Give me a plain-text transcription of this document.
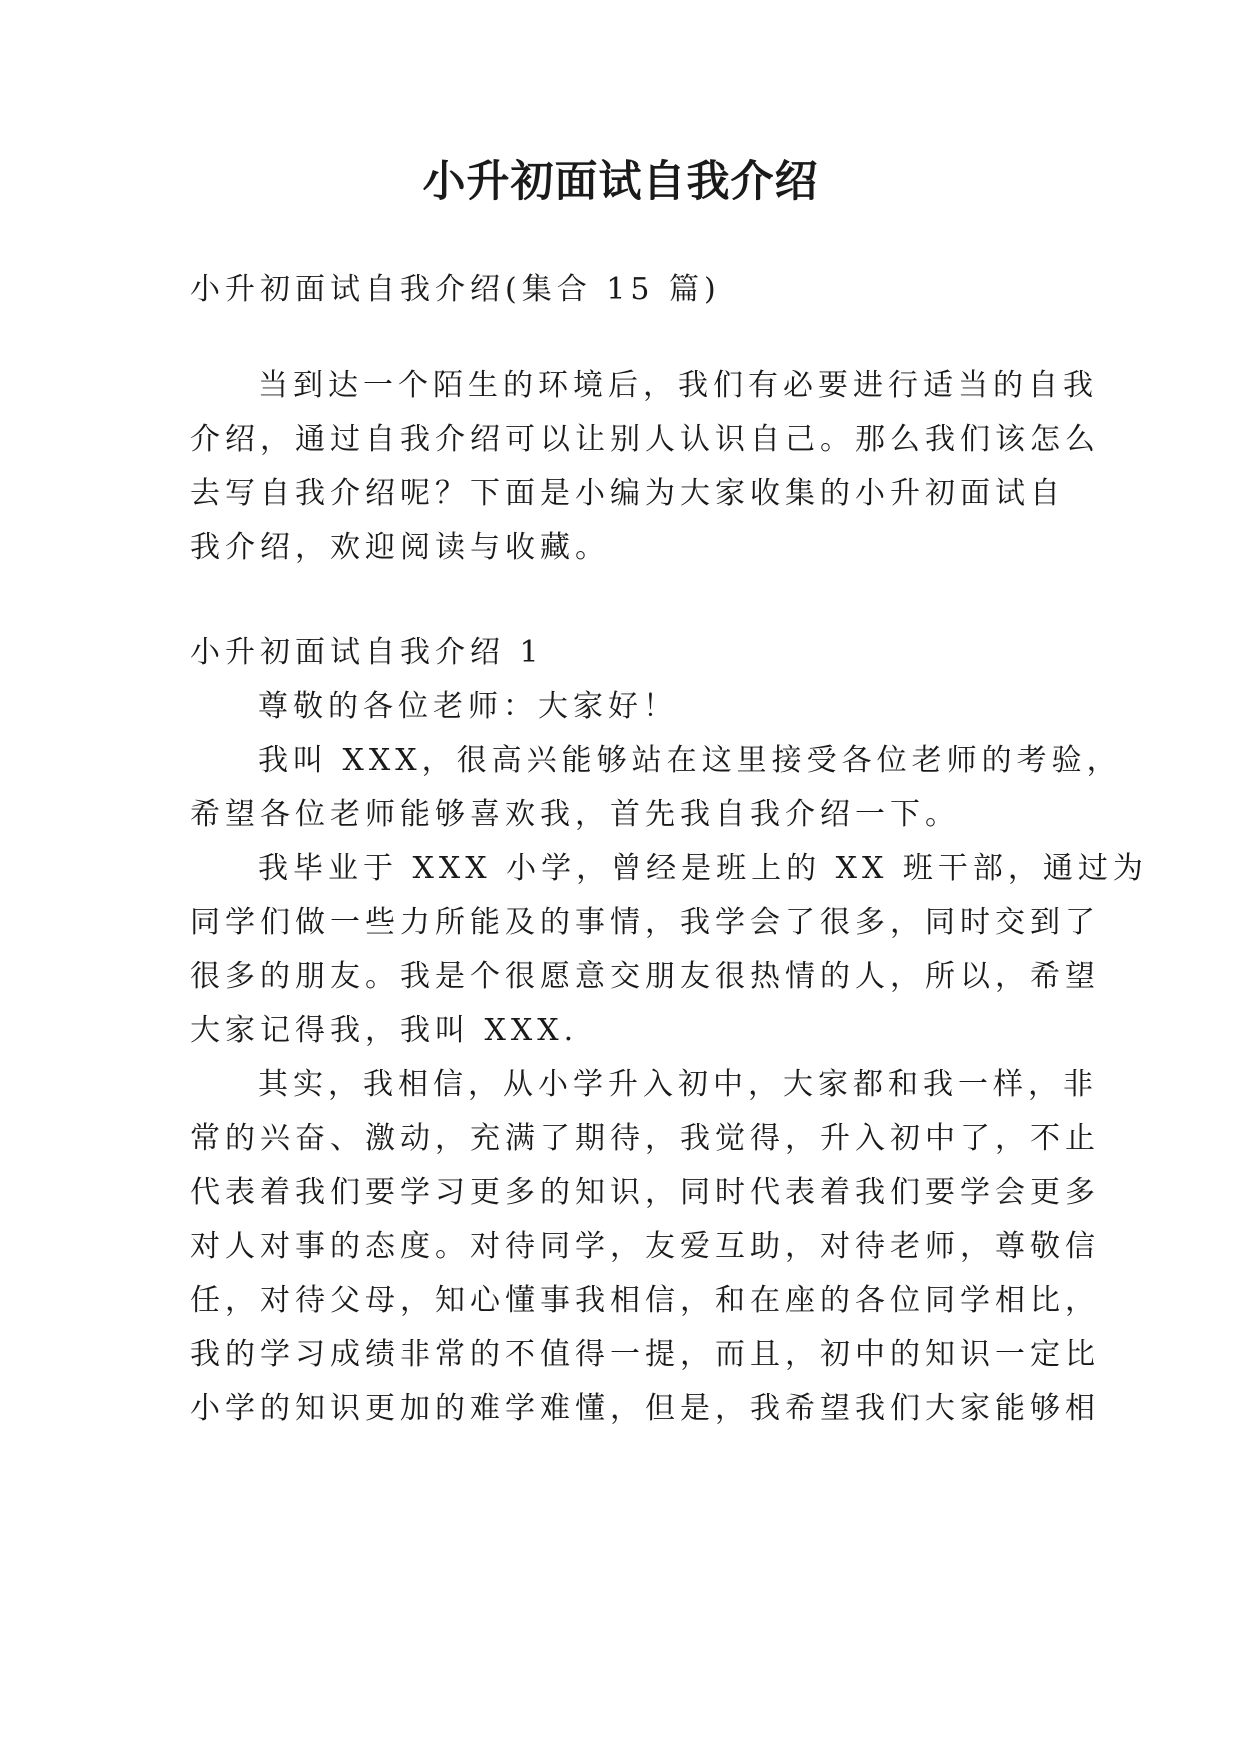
小升初面试自我介绍

小升初面试自我介绍(集合 15 篇)

当到达一个陌生的环境后，我们有必要进行适当的自我

介绍，通过自我介绍可以让别人认识自己。那么我们该怎么

去写自我介绍呢？下面是小编为大家收集的小升初面试自

我介绍，欢迎阅读与收藏。

小升初面试自我介绍 1

尊敬的各位老师：大家好！

我叫 XXX，很高兴能够站在这里接受各位老师的考验，

希望各位老师能够喜欢我，首先我自我介绍一下。

我毕业于 XXX 小学，曾经是班上的 XX 班干部，通过为

同学们做一些力所能及的事情，我学会了很多，同时交到了

很多的朋友。我是个很愿意交朋友很热情的人，所以，希望

大家记得我，我叫 XXX.

其实，我相信，从小学升入初中，大家都和我一样，非

常的兴奋、激动，充满了期待，我觉得，升入初中了，不止

代表着我们要学习更多的知识，同时代表着我们要学会更多

对人对事的态度。对待同学，友爱互助，对待老师，尊敬信

任，对待父母，知心懂事我相信，和在座的各位同学相比，

我的学习成绩非常的不值得一提，而且，初中的知识一定比

小学的知识更加的难学难懂，但是，我希望我们大家能够相
